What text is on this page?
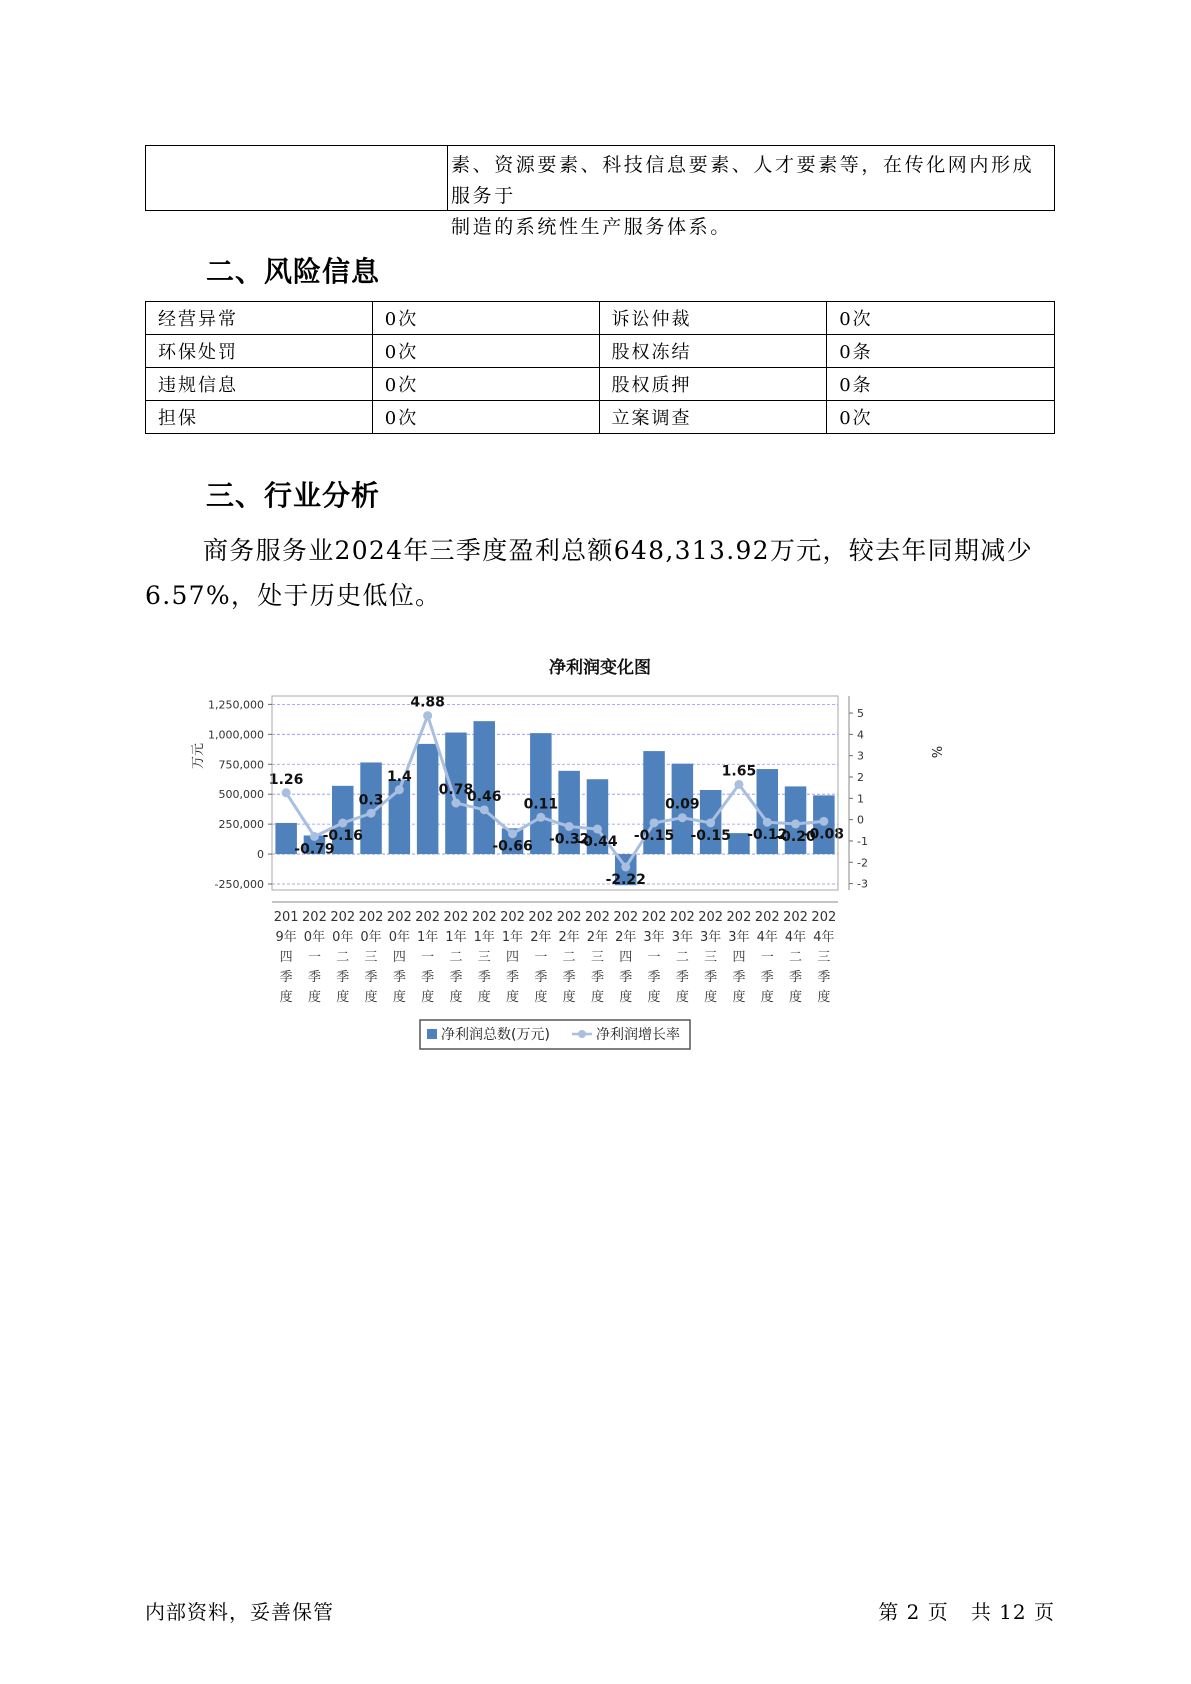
素、资源要素、科技信息要素、人才要素等，在传化网内形成服务于
制造的系统性生产服务体系。
二、风险信息
经营异常	0次	诉讼仲裁	0次
环保处罚	0次	股权冻结	0条
违规信息	0次	股权质押	0条
担保	0次	立案调查	0次
三、行业分析

商务服务业2024年三季度盈利总额648,313.92万元，较去年同期减少

6.57%，处于历史低位。

净利润变化图
1.26
-0.79
-0.16
0.3
1.4
4.88
0.78
0.46
-0.66
0.11
-0.32
-0.44
-2.22
-0.15
0.09
-0.15
1.65
-0.12
-0.20
-0.08
1,250,000
1,000,000
750,000
500,000
250,000
0
-250,000
5
4
3
2
1
0
-1
-2
-3
万元	%
201
9年
四
季
度
202
0年
一
季
度
202
0年
二
季
度
202
0年
三
季
度
202
0年
四
季
度
202
1年
一
季
度
202
1年
二
季
度
202
1年
三
季
度
202
1年
四
季
度
202
2年
一
季
度
202
2年
二
季
度
202
2年
三
季
度
202
2年
四
季
度
202
3年
一
季
度
202
3年
二
季
度
202
3年
三
季
度
202
3年
四
季
度
202
4年
一
季
度
202
4年
二
季
度
202
4年
三
季
度
净利润总数(万元)	净利润增长率
内部资料，妥善保管	第 2 页   共 12 页
